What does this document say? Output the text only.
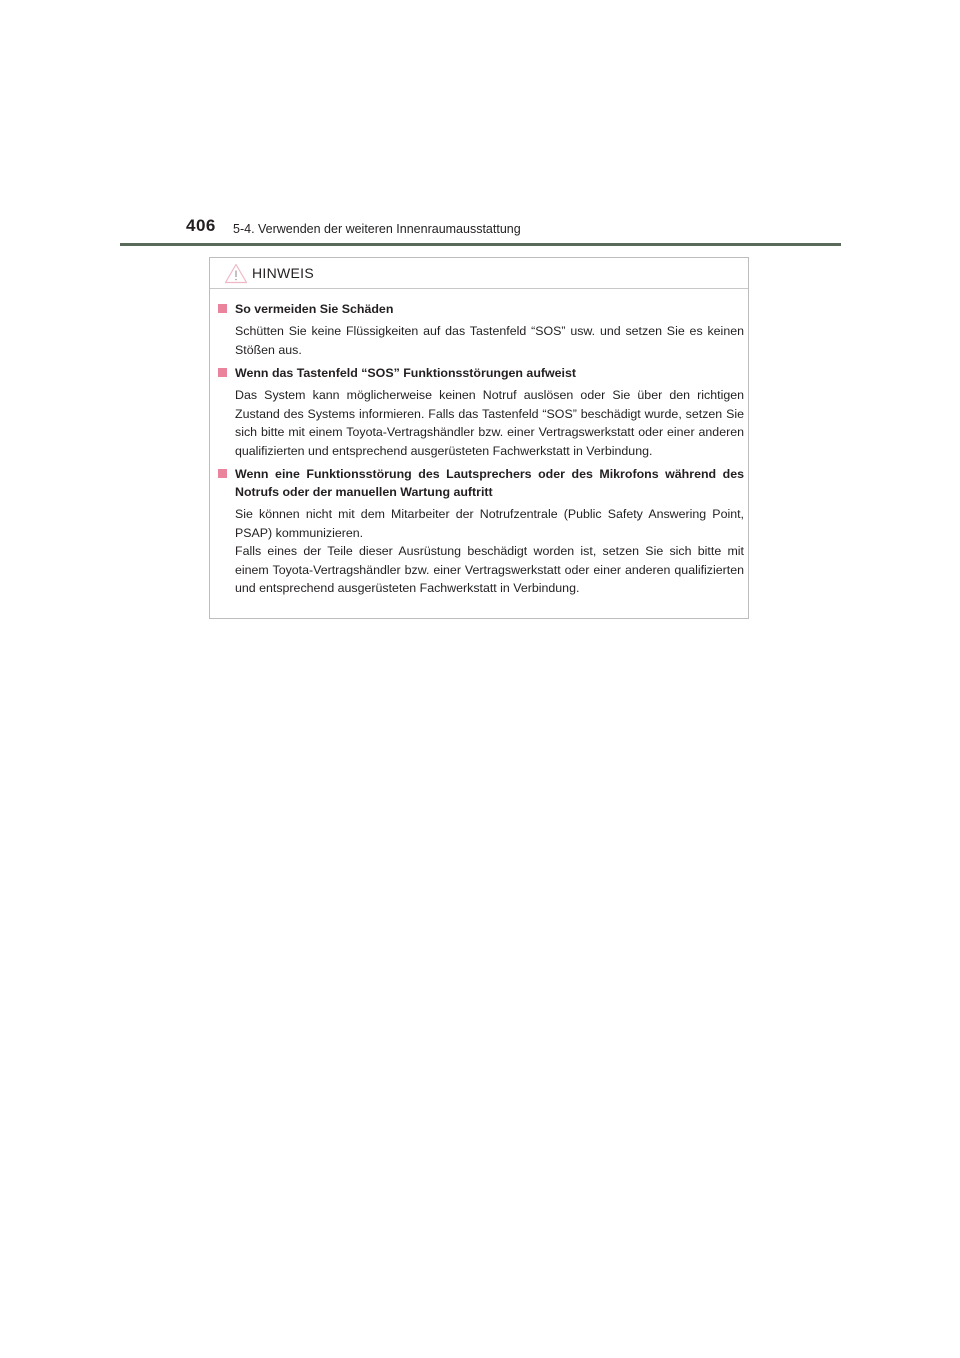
406 5-4. Verwenden der weiteren Innenraumausstattung
HINWEIS
So vermeiden Sie Schäden
Schütten Sie keine Flüssigkeiten auf das Tastenfeld “SOS” usw. und setzen Sie es keinen Stößen aus.
Wenn das Tastenfeld “SOS” Funktionsstörungen aufweist
Das System kann möglicherweise keinen Notruf auslösen oder Sie über den richtigen Zustand des Systems informieren. Falls das Tastenfeld “SOS” beschädigt wurde, setzen Sie sich bitte mit einem Toyota-Vertragshändler bzw. einer Vertragswerkstatt oder einer anderen qualifizierten und entsprechend ausgerüsteten Fachwerkstatt in Verbindung.
Wenn eine Funktionsstörung des Lautsprechers oder des Mikrofons während des Notrufs oder der manuellen Wartung auftritt
Sie können nicht mit dem Mitarbeiter der Notrufzentrale (Public Safety Answering Point, PSAP) kommunizieren.
Falls eines der Teile dieser Ausrüstung beschädigt worden ist, setzen Sie sich bitte mit einem Toyota-Vertragshändler bzw. einer Vertragswerkstatt oder einer anderen qualifizierten und entsprechend ausgerüsteten Fachwerkstatt in Verbindung.
